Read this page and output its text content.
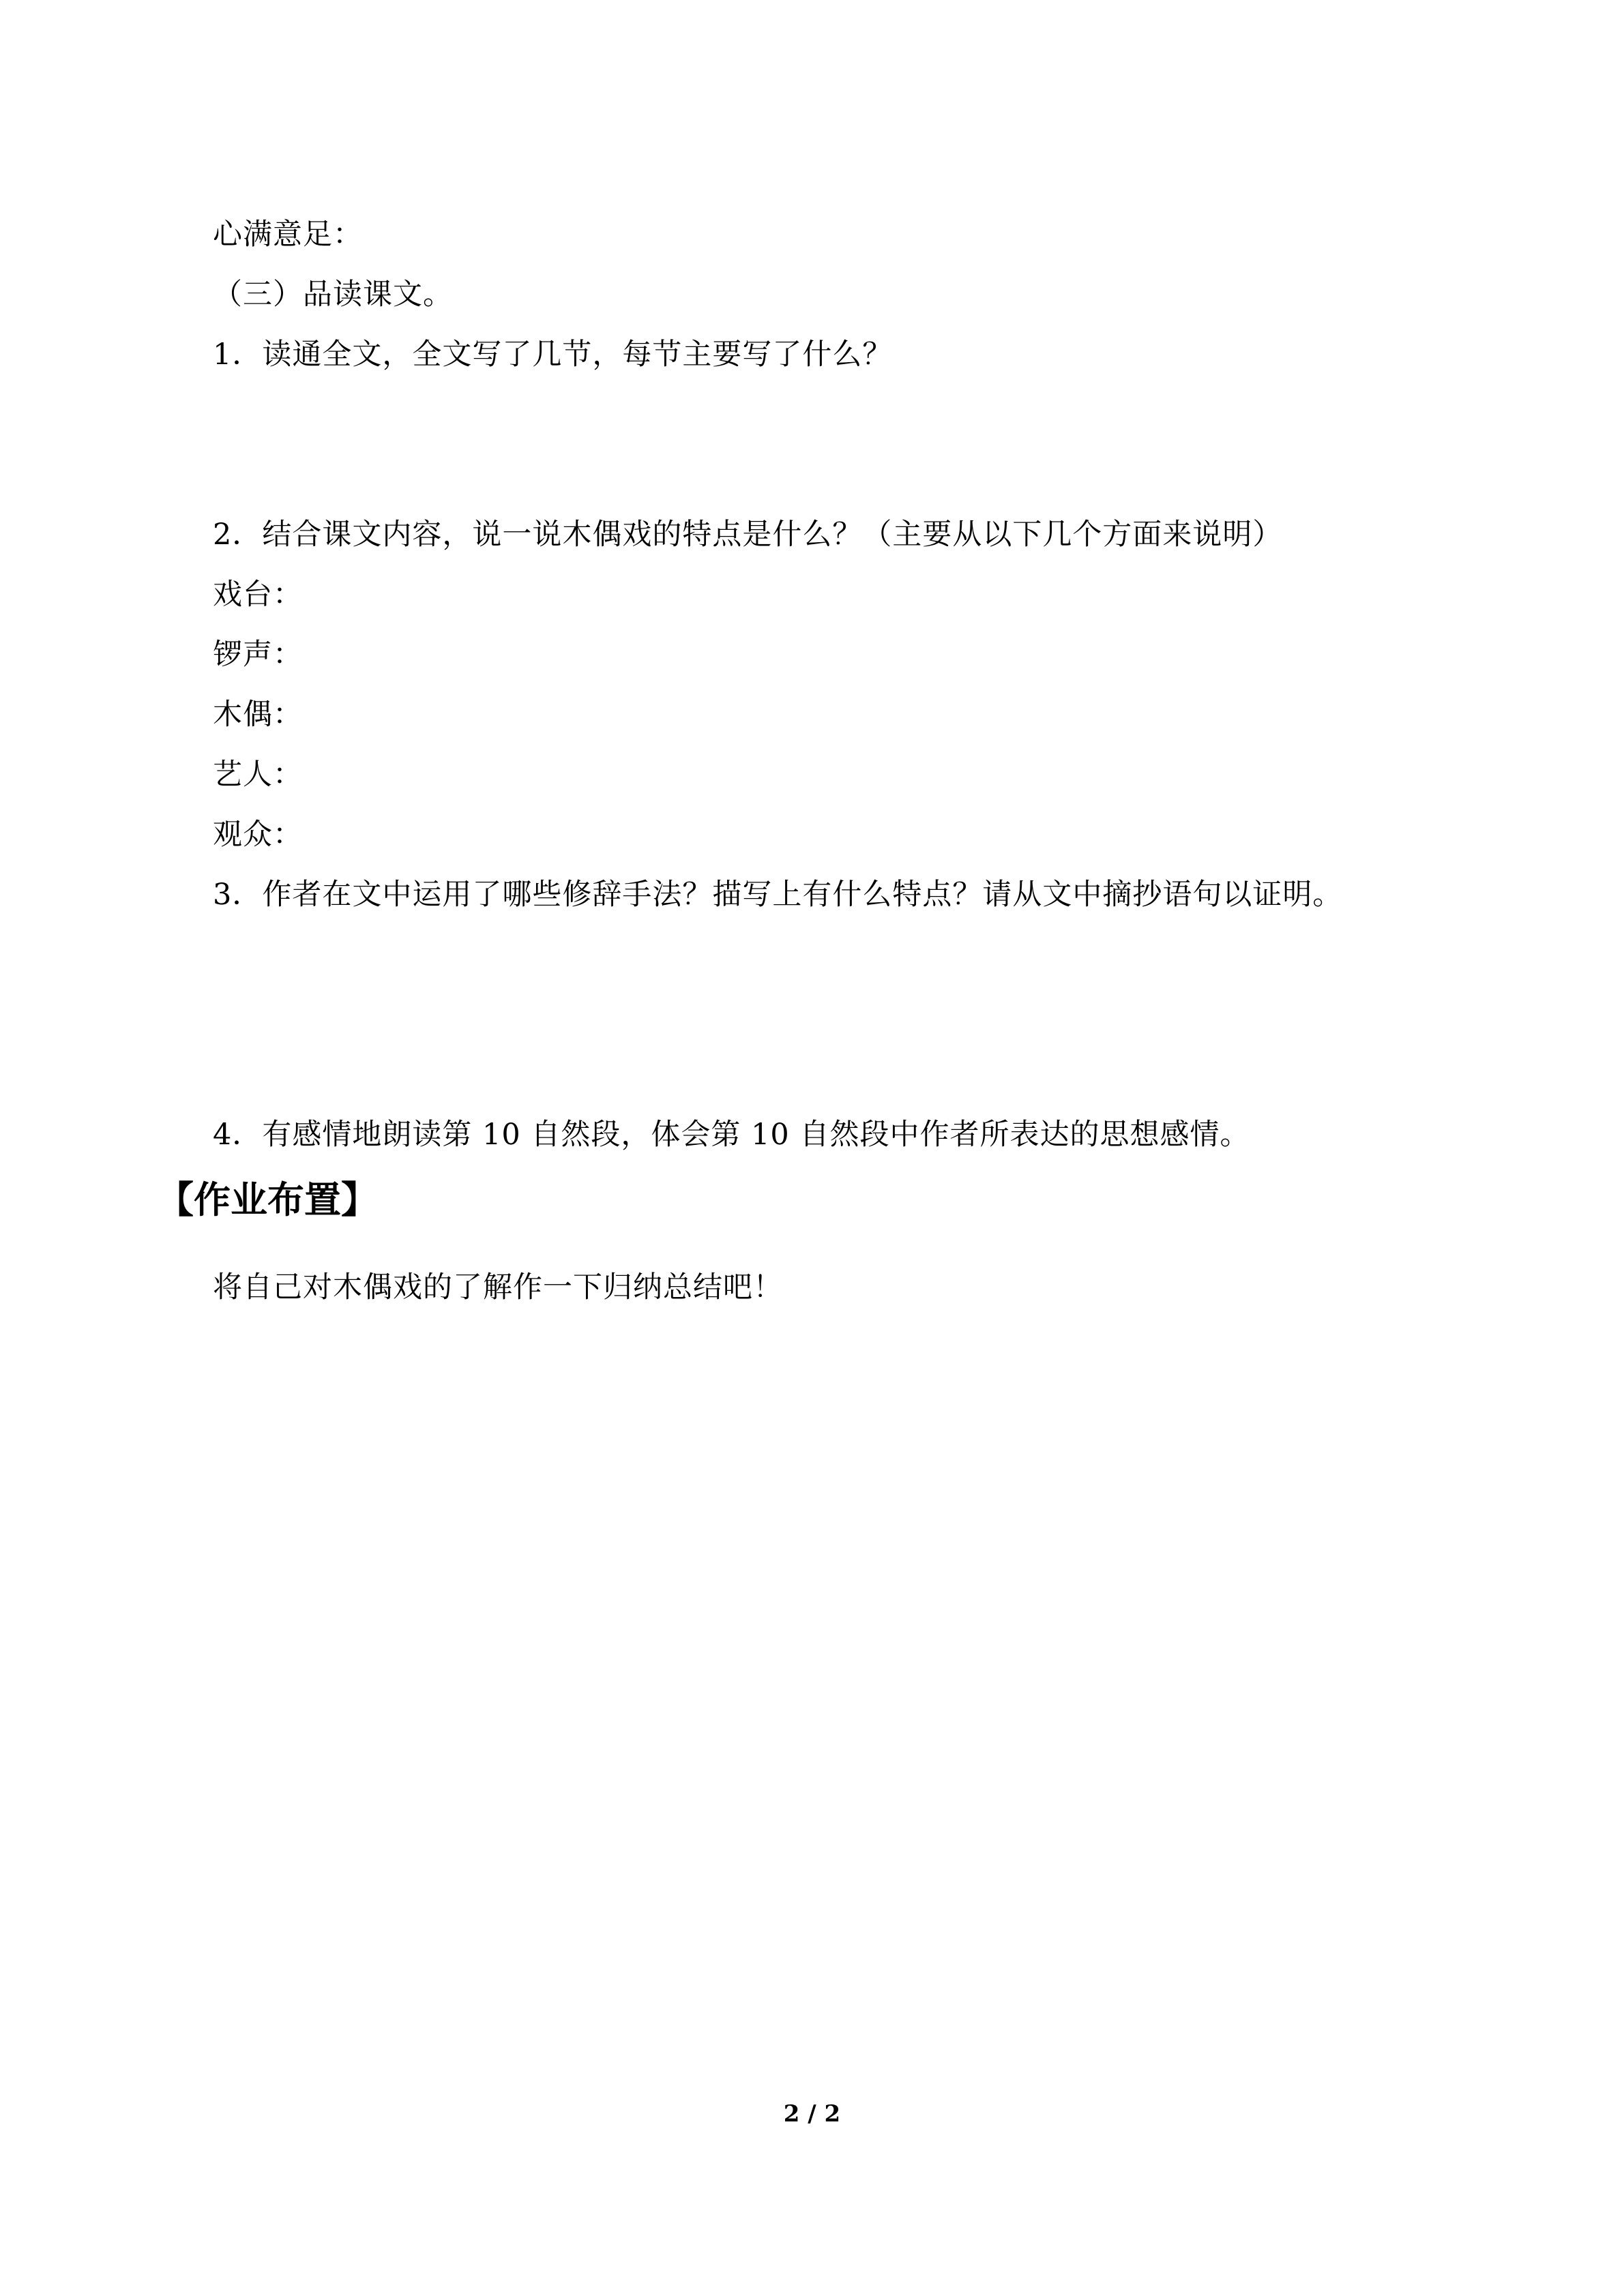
心满意足：
（三）品读课文。
1．读通全文，全文写了几节，每节主要写了什么？
2．结合课文内容，说一说木偶戏的特点是什么？（主要从以下几个方面来说明）
戏台：
锣声：
木偶：
艺人：
观众：
3．作者在文中运用了哪些修辞手法？描写上有什么特点？请从文中摘抄语句以证明。
4．有感情地朗读第 10 自然段，体会第 10 自然段中作者所表达的思想感情。
【作业布置】
将自己对木偶戏的了解作一下归纳总结吧！
2 / 2
